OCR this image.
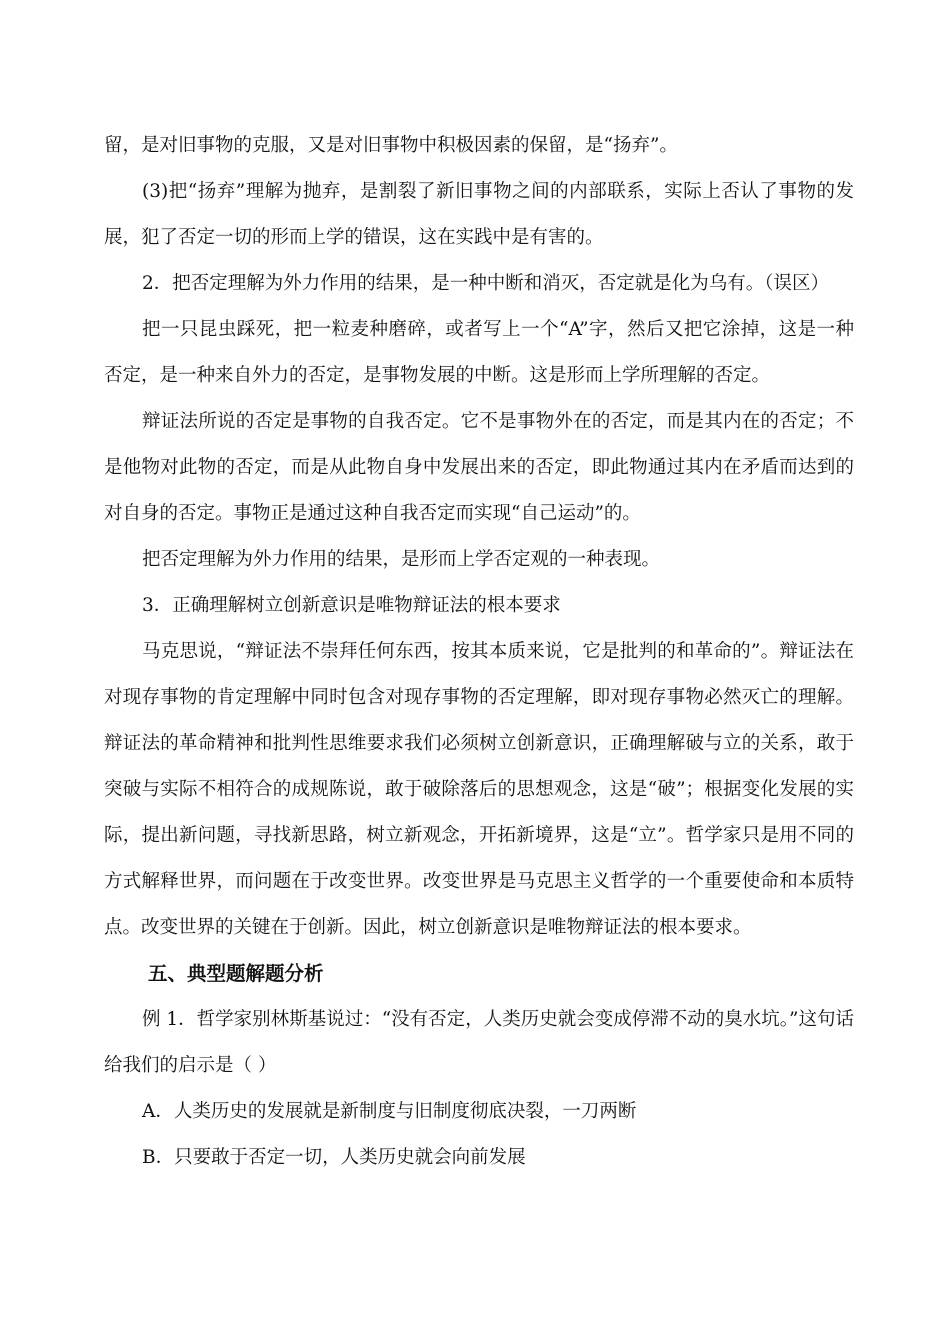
留，是对旧事物的克服，又是对旧事物中积极因素的保留，是“扬弃”。

(3)把“扬弃”理解为抛弃，是割裂了新旧事物之间的内部联系，实际上否认了事物的发展，犯了否定一切的形而上学的错误，这在实践中是有害的。

2．把否定理解为外力作用的结果，是一种中断和消灭，否定就是化为乌有。（误区）

把一只昆虫踩死，把一粒麦种磨碎，或者写上一个“A”字，然后又把它涂掉，这是一种否定，是一种来自外力的否定，是事物发展的中断。这是形而上学所理解的否定。

辩证法所说的否定是事物的自我否定。它不是事物外在的否定，而是其内在的否定；不是他物对此物的否定，而是从此物自身中发展出来的否定，即此物通过其内在矛盾而达到的对自身的否定。事物正是通过这种自我否定而实现“自己运动”的。

把否定理解为外力作用的结果，是形而上学否定观的一种表现。

3．正确理解树立创新意识是唯物辩证法的根本要求

马克思说，“辩证法不崇拜任何东西，按其本质来说，它是批判的和革命的”。辩证法在对现存事物的肯定理解中同时包含对现存事物的否定理解，即对现存事物必然灭亡的理解。辩证法的革命精神和批判性思维要求我们必须树立创新意识，正确理解破与立的关系，敢于突破与实际不相符合的成规陈说，敢于破除落后的思想观念，这是“破”；根据变化发展的实际，提出新问题，寻找新思路，树立新观念，开拓新境界，这是“立”。哲学家只是用不同的方式解释世界，而问题在于改变世界。改变世界是马克思主义哲学的一个重要使命和本质特点。改变世界的关键在于创新。因此，树立创新意识是唯物辩证法的根本要求。

五、典型题解题分析

例 1．哲学家别林斯基说过：“没有否定，人类历史就会变成停滞不动的臭水坑。”这句话给我们的启示是（ ）

A．人类历史的发展就是新制度与旧制度彻底决裂，一刀两断

B．只要敢于否定一切，人类历史就会向前发展
